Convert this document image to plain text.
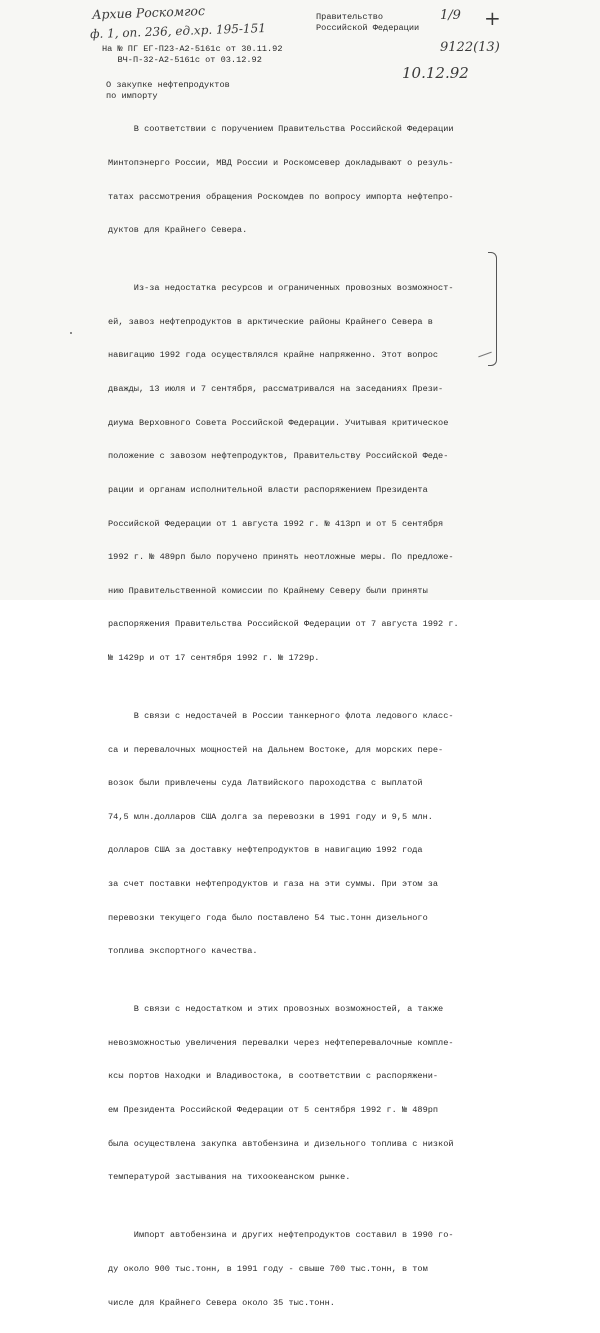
Архив Роскомгос
ф. 1, оп. 236, ед.хр. 195-151
Правительство
Российской Федерации
1/9 +
9122(13)
10.12.92
На № ПГ ЕГ-П23-А2-5161с от 30.11.92
ВЧ-П-32-А2-5161с от 03.12.92
О закупке нефтепродуктов
по импорту

В соответствии с поручением Правительства Российской Федерации

Минтопэнерго России, МВД России и Роскомсевер докладывают о резуль-

татах рассмотрения обращения Роскомдев по вопросу импорта нефтепро-

дуктов для Крайнего Севера.

Из-за недостатка ресурсов и ограниченных провозных возможност-

ей, завоз нефтепродуктов в арктические районы Крайнего Севера в

навигацию 1992 года осуществлялся крайне напряженно. Этот вопрос

дважды, 13 июля и 7 сентября, рассматривался на заседаниях Прези-

диума Верховного Совета Российской Федерации. Учитывая критическое

положение с завозом нефтепродуктов, Правительству Российской Феде-

рации и органам исполнительной власти распоряжением Президента

Российской Федерации от 1 августа 1992 г. № 413рп и от 5 сентября

1992 г. № 489рп было поручено принять неотложные меры. По предложе-

нию Правительственной комиссии по Крайнему Северу были приняты

распоряжения Правительства Российской Федерации от 7 августа 1992 г.

№ 1429р и от 17 сентября 1992 г. № 1729р.

В связи с недостачей в России танкерного флота ледового класс-

са и перевалочных мощностей на Дальнем Востоке, для морских пере-

возок были привлечены суда Латвийского пароходства с выплатой

74,5 млн.долларов США долга за перевозки в 1991 году и 9,5 млн.

долларов США за доставку нефтепродуктов в навигацию 1992 года

за счет поставки нефтепродуктов и газа на эти суммы. При этом за

перевозки текущего года было поставлено 54 тыс.тонн дизельного

топлива экспортного качества.

В связи с недостатком и этих провозных возможностей, а также

невозможностью увеличения перевалки через нефтеперевалочные компле-

ксы портов Находки и Владивостока, в соответствии с распоряжени-

ем Президента Российской Федерации от 5 сентября 1992 г. № 489рп

была осуществлена закупка автобензина и дизельного топлива с низкой

температурой застывания на тихоокеанском рынке.

Импорт автобензина и других нефтепродуктов составил в 1990 го-

ду около 900 тыс.тонн, в 1991 году - свыше 700 тыс.тонн, в том

числе для Крайнего Севера около 35 тыс.тонн.
